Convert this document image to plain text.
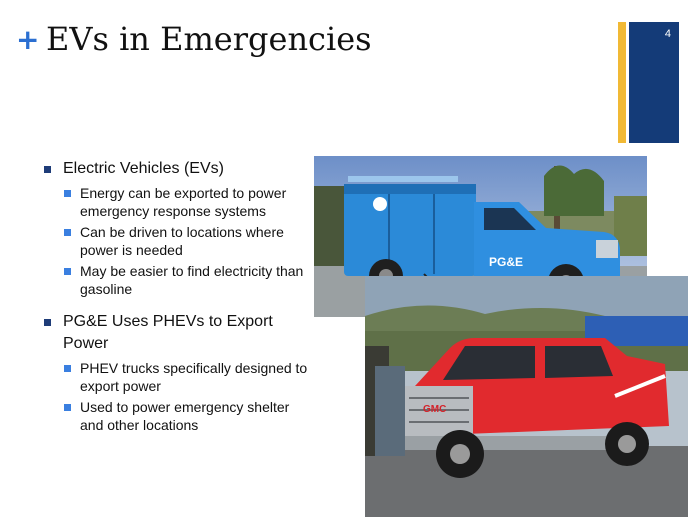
+ EVs in Emergencies	4
Electric Vehicles (EVs)
Energy can be exported to power emergency response systems
Can be driven to locations where power is needed
May be easier to find electricity than gasoline
PG&E Uses PHEVs to Export Power
PHEV trucks specifically designed to export power
Used to power emergency shelter and other locations
PG&E
GMC
